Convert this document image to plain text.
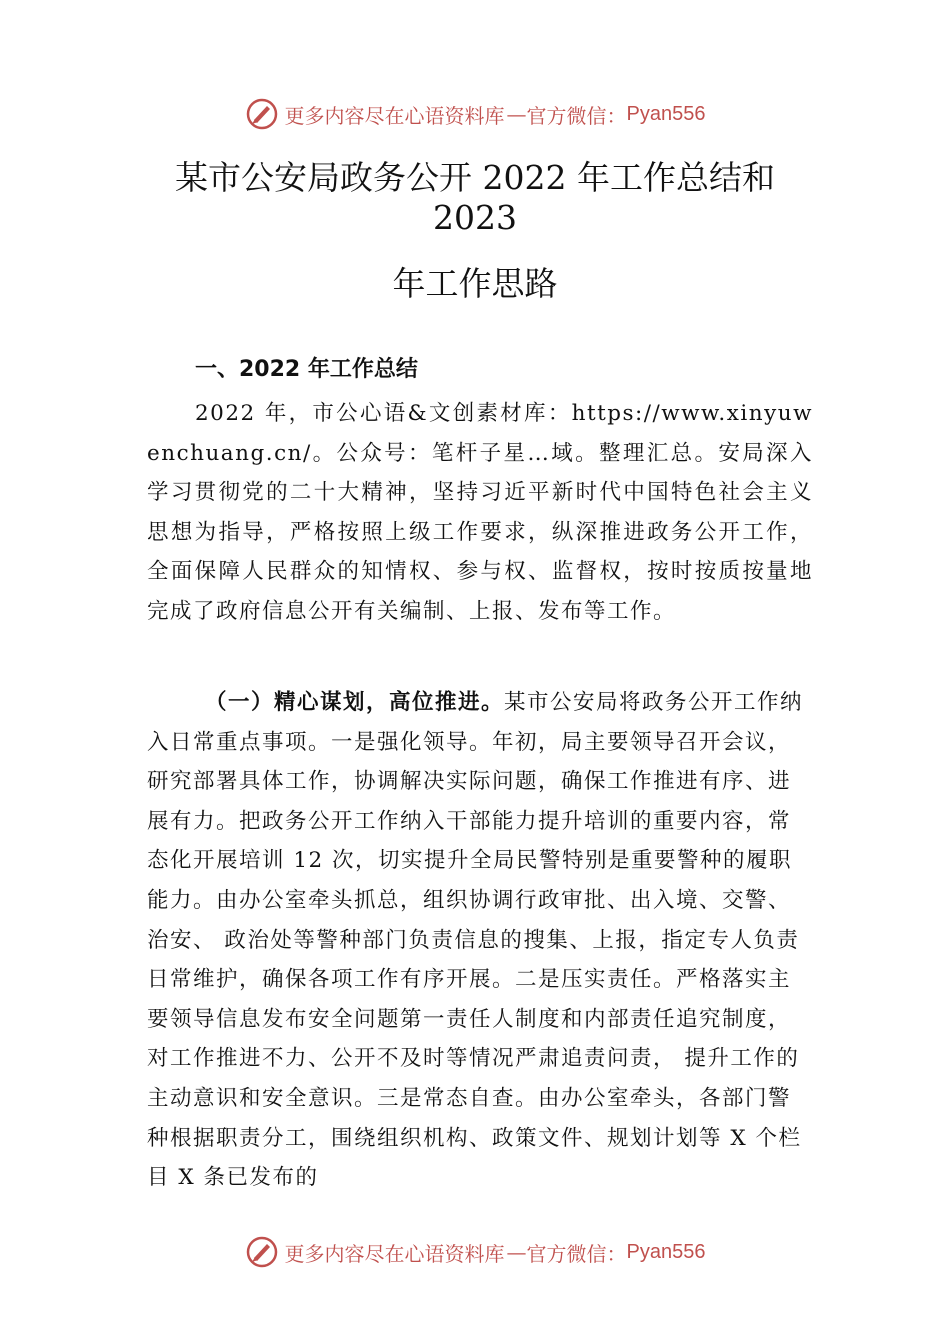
更多内容尽在心语资料库 — 官方微信： Pyan556
某市公安局政务公开 2022 年工作总结和
2023
年工作思路
一、2022 年工作总结

2022 年，市公心语&文创素材库：https://www.xinyuwenchuang.cn/。公众号：笔杆子星…域。整理汇总。安局深入学习贯彻党的二十大精神，坚持习近平新时代中国特色社会主义思想为指导，严格按照上级工作要求，纵深推进政务公开工作，全面保障人民群众的知情权、参与权、监督权，按时按质按量地完成了政府信息公开有关编制、上报、发布等工作。

（一）精心谋划，高位推进。某市公安局将政务公开工作纳入日常重点事项。一是强化领导。年初，局主要领导召开会议，研究部署具体工作，协调解决实际问题，确保工作推进有序、进展有力。把政务公开工作纳入干部能力提升培训的重要内容，常态化开展培训 12 次，切实提升全局民警特别是重要警种的履职能力。由办公室牵头抓总，组织协调行政审批、出入境、交警、治安、 政治处等警种部门负责信息的搜集、上报，指定专人负责日常维护，确保各项工作有序开展。二是压实责任。严格落实主要领导信息发布安全问题第一责任人制度和内部责任追究制度，对工作推进不力、公开不及时等情况严肃追责问责， 提升工作的主动意识和安全意识。三是常态自查。由办公室牵头，各部门警种根据职责分工，围绕组织机构、政策文件、规划计划等 X 个栏目 X 条已发布的

更多内容尽在心语资料库 — 官方微信： Pyan556
